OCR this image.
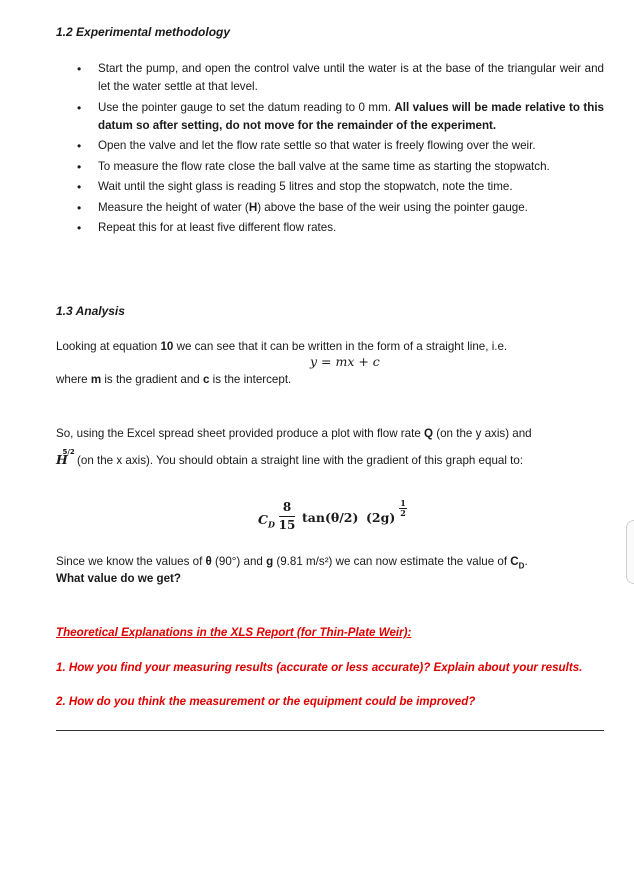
1.2 Experimental methodology
• Start the pump, and open the control valve until the water is at the base of the triangular weir and let the water settle at that level.
• Use the pointer gauge to set the datum reading to 0 mm. All values will be made relative to this datum so after setting, do not move for the remainder of the experiment.
• Open the valve and let the flow rate settle so that water is freely flowing over the weir.
• To measure the flow rate close the ball valve at the same time as starting the stopwatch.
• Wait until the sight glass is reading 5 litres and stop the stopwatch, note the time.
• Measure the height of water (H) above the base of the weir using the pointer gauge.
• Repeat this for at least five different flow rates.
1.3 Analysis
Looking at equation 10 we can see that it can be written in the form of a straight line, i.e.
y = mx + c
where m is the gradient and c is the intercept.
So, using the Excel spread sheet provided produce a plot with flow rate Q (on the y axis) and
H
5/2
(on the x axis). You should obtain a straight line with the gradient of this graph equal to:
$C_D$
8
15 tan(θ/2) (2g)
1
2
Since we know the values of θ (90°) and g (9.81 m/s²) we can now estimate the value of $C_D$.
What value do we get?
Theoretical Explanations in the XLS Report (for Thin-Plate Weir):
1. How you find your measuring results (accurate or less accurate)? Explain about your results.
2. How do you think the measurement or the equipment could be improved?
